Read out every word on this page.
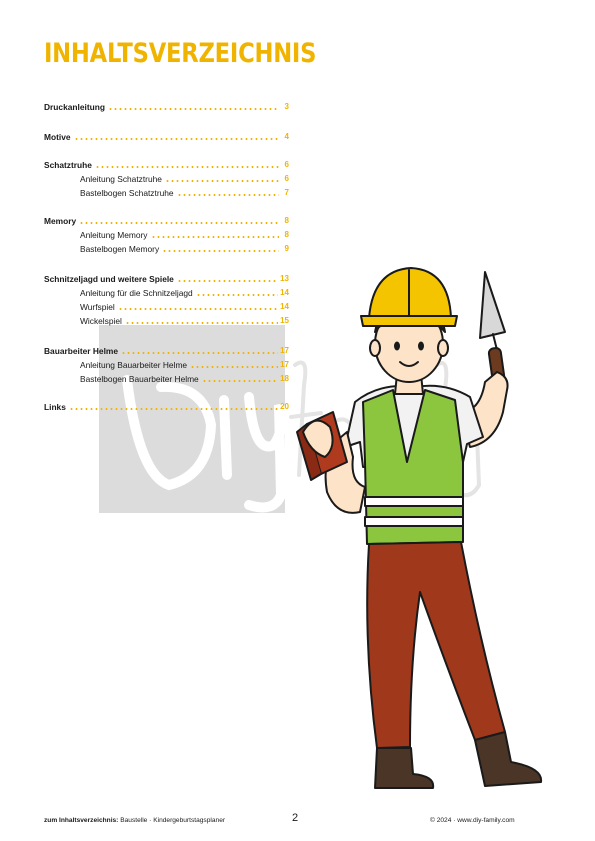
INHALTSVERZEICHNIS
Druckanleitung	3
Motive	4
Schatztruhe	6
Anleitung Schatztruhe	6
Bastelbogen Schatztruhe	7
Memory	8
Anleitung Memory	8
Bastelbogen Memory	9
Schnitzeljagd und weitere Spiele	13
Anleitung für die Schnitzeljagd	14
Wurfspiel	14
Wickelspiel	15
Bauarbeiter Helme	17
Anleitung Bauarbeiter Helme	17
Bastelbogen Bauarbeiter Helme	18
Links	20
zum Inhaltsverzeichnis: Baustelle · Kindergeburtstagsplaner	2	© 2024 · www.diy-family.com
